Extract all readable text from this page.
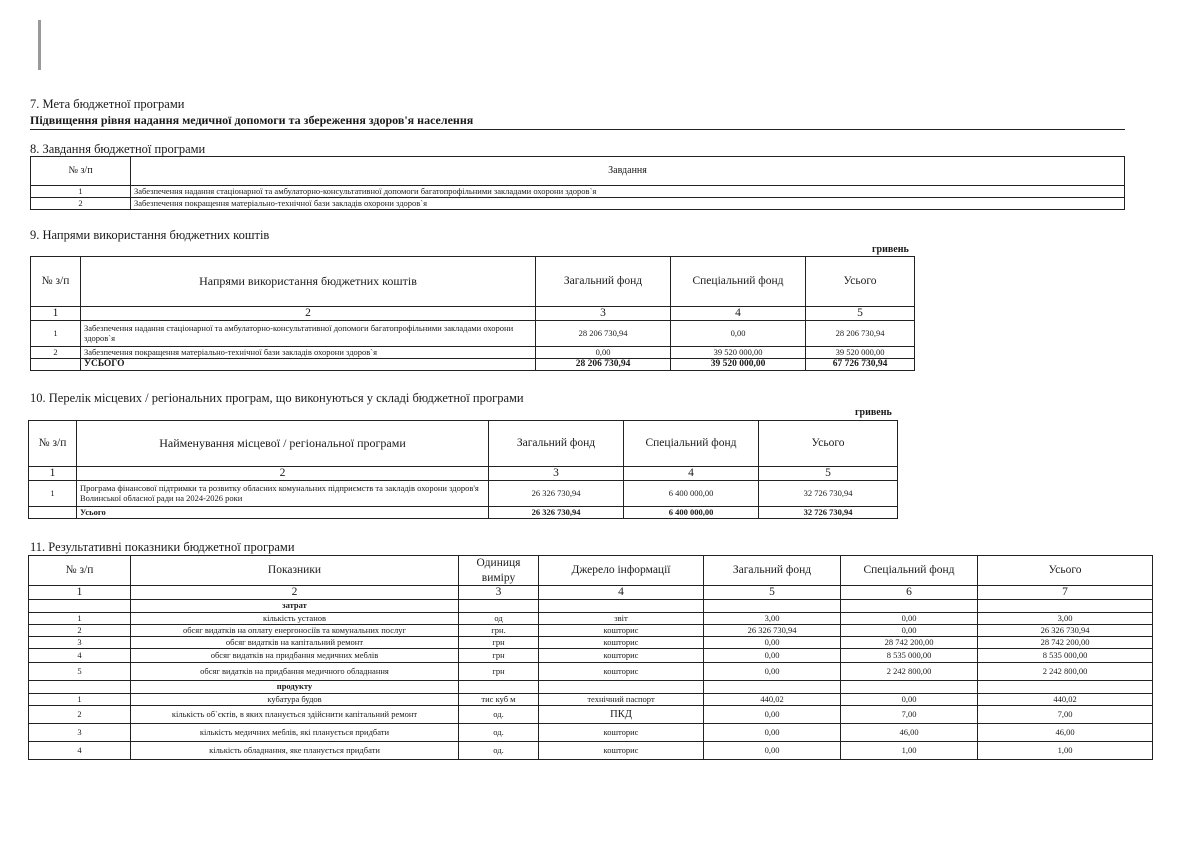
7. Мета бюджетної програми
Підвищення рівня надання медичної допомоги та збереження здоров'я населення
8. Завдання бюджетної програми
№ з/п	Завдання
1	Забезпечення надання стаціонарної та амбулаторно-консультативної допомоги багатопрофільними закладами охорони здоров`я
2	Забезпечення покращення матеріально-технічної бази закладів охорони здоров`я
9. Напрями використання бюджетних коштів
гривень
№ з/п	Напрями використання бюджетних коштів	Загальний фонд	Спеціальний фонд	Усього
1	2	3	4	5
1	Забезпечення надання стаціонарної та амбулаторно-консультативної допомоги багатопрофільними закладами охорони здоров`я	28 206 730,94	0,00	28 206 730,94
2	Забезпечення покращення матеріально-технічної бази закладів охорони здоров`я	0,00	39 520 000,00	39 520 000,00
	УСЬОГО	28 206 730,94	39 520 000,00	67 726 730,94
10. Перелік місцевих / регіональних програм, що виконуються у складі бюджетної програми
гривень
№ з/п	Найменування місцевої / регіональної програми	Загальний фонд	Спеціальний фонд	Усього
1	2	3	4	5
1	Програма фінансової підтримки та розвитку обласних комунальних підприємств та закладів охорони здоров'я Волинської обласної ради на 2024-2026 роки	26 326 730,94	6 400 000,00	32 726 730,94
	Усього	26 326 730,94	6 400 000,00	32 726 730,94
11. Результативні показники бюджетної програми
№ з/п	Показники	Одиниця виміру	Джерело інформації	Загальний фонд	Спеціальний фонд	Усього
1	2	3	4	5	6	7
	затрат					
1	кількість установ	од	звіт	3,00	0,00	3,00
2	обсяг видатків на оплату енергоносіїв та комунальних послуг	грн.	кошторис	26 326 730,94	0,00	26 326 730,94
3	обсяг видатків на капітальний ремонт	грн	кошторис	0,00	28 742 200,00	28 742 200,00
4	обсяг видатків на придбання медичних меблів	грн	кошторис	0,00	8 535 000,00	8 535 000,00
5	обсяг видатків на придбання медичного обладнання	грн	кошторис	0,00	2 242 800,00	2 242 800,00
	продукту					
1	кубатура будов	тис куб м	технічний паспорт	440,02	0,00	440,02
2	кількість об`єктів, в яких планується здійснити капітальний ремонт	од.	ПКД	0,00	7,00	7,00
3	кількість медичних меблів, які планується придбати	од.	кошторис	0,00	46,00	46,00
4	кількість обладнання, яке планується придбати	од.	кошторис	0,00	1,00	1,00
